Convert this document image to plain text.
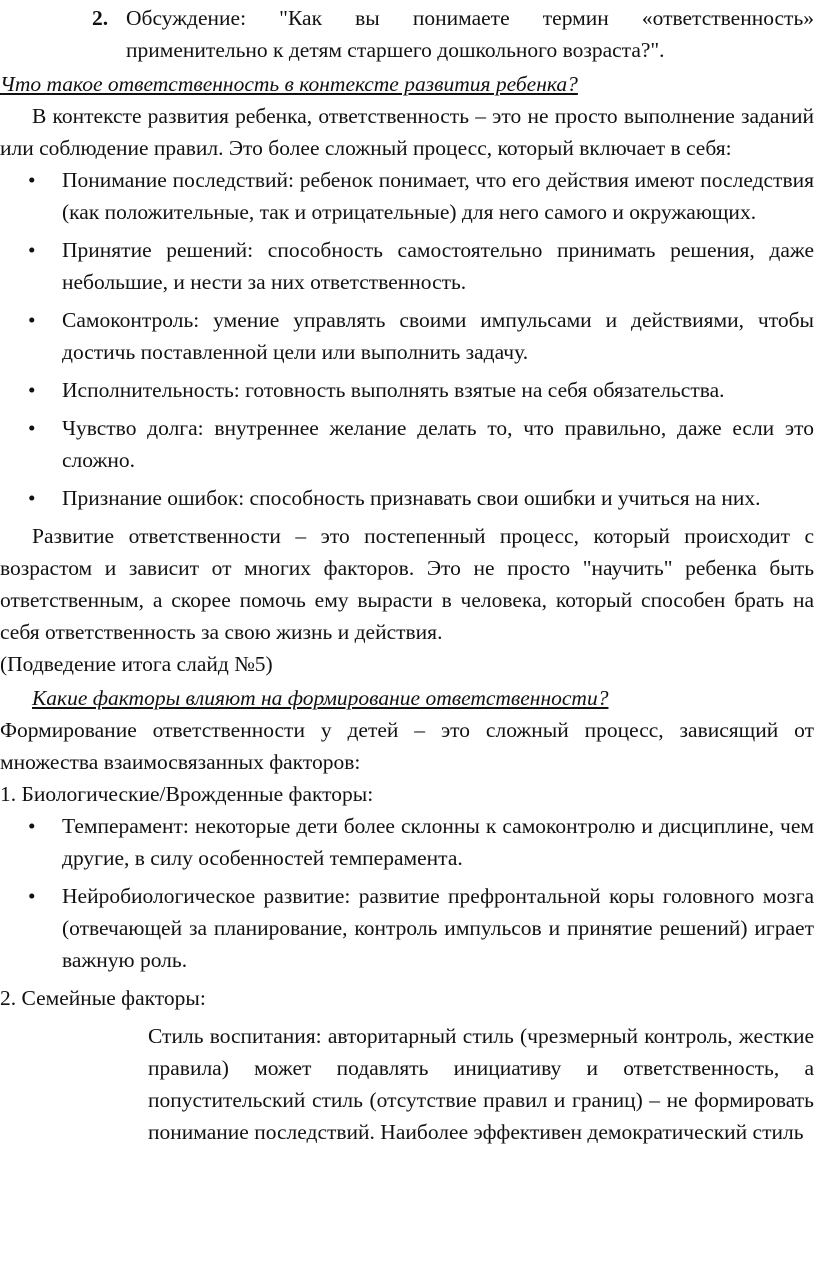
2. Обсуждение: "Как вы понимаете термин «ответственность» применительно к детям старшего дошкольного возраста?".

Что такое ответственность в контексте развития ребенка?

В контексте развития ребенка, ответственность – это не просто выполнение заданий или соблюдение правил. Это более сложный процесс, который включает в себя:

• Понимание последствий: ребенок понимает, что его действия имеют последствия (как положительные, так и отрицательные) для него самого и окружающих.
• Принятие решений: способность самостоятельно принимать решения, даже небольшие, и нести за них ответственность.
• Самоконтроль: умение управлять своими импульсами и действиями, чтобы достичь поставленной цели или выполнить задачу.
• Исполнительность: готовность выполнять взятые на себя обязательства.
• Чувство долга: внутреннее желание делать то, что правильно, даже если это сложно.
• Признание ошибок: способность признавать свои ошибки и учиться на них.

Развитие ответственности – это постепенный процесс, который происходит с возрастом и зависит от многих факторов. Это не просто "научить" ребенка быть ответственным, а скорее помочь ему вырасти в человека, который способен брать на себя ответственность за свою жизнь и действия.

(Подведение итога слайд №5)

Какие факторы влияют на формирование ответственности?

Формирование ответственности у детей – это сложный процесс, зависящий от множества взаимосвязанных факторов:

1. Биологические/Врожденные факторы:

• Темперамент: некоторые дети более склонны к самоконтролю и дисциплине, чем другие, в силу особенностей темперамента.
• Нейробиологическое развитие: развитие префронтальной коры головного мозга (отвечающей за планирование, контроль импульсов и принятие решений) играет важную роль.

2. Семейные факторы:

Стиль воспитания: авторитарный стиль (чрезмерный контроль, жесткие правила) может подавлять инициативу и ответственность, а попустительский стиль (отсутствие правил и границ) – не формировать понимание последствий. Наиболее эффективен демократический стиль
